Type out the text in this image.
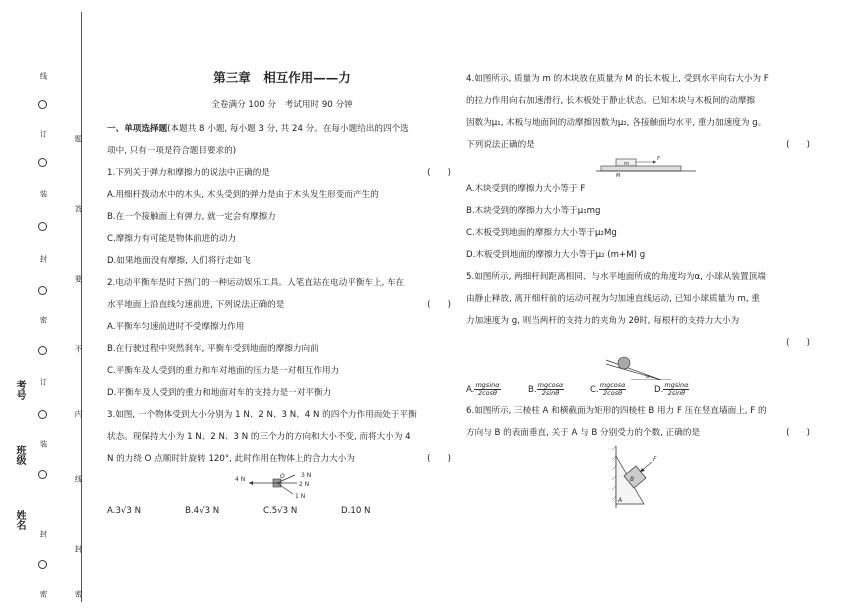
线
订
装
封
密
订
装
封
密
题
答
要
不
内
线
封
密
考号
班级
姓名
第三章　相互作用——力
全卷满分 100 分　考试用时 90 分钟
一、单项选择题(本题共 8 小题, 每小题 3 分, 共 24 分。在每小题给出的四个选
项中, 只有一项是符合题目要求的)
1.下列关于弹力和摩擦力的说法中正确的是	(　　)
A.用细杆拨动水中的木头, 木头受到的弹力是由于木头发生形变而产生的
B.在一个接触面上有弹力, 就一定会有摩擦力
C.摩擦力有可能是物体前进的动力
D.如果地面没有摩擦, 人们将行走如飞
2.电动平衡车是时下热门的一种运动娱乐工具。人笔直站在电动平衡车上, 车在
水平地面上沿直线匀速前进, 下列说法正确的是	(　　)
A.平衡车匀速前进时不受摩擦力作用
B.在行驶过程中突然刹车, 平衡车受到地面的摩擦力向前
C.平衡车及人受到的重力和车对地面的压力是一对相互作用力
D.平衡车及人受到的重力和地面对车的支持力是一对平衡力
3.如图, 一个物体受到大小分别为 1 N、2 N、3 N、4 N 的四个力作用而处于平衡
状态。现保持大小为 1 N、2 N、3 N 的三个力的方向和大小不变, 而将大小为 4
N 的力绕 O 点顺时针旋转 120°, 此时作用在物体上的合力大小为	(　　)
4 N
3 N
2 N
1 N
O
A.3√3 N	B.4√3 N	C.5√3 N	D.10 N
4.如图所示, 质量为 m 的木块放在质量为 M 的长木板上, 受到水平向右大小为 F
的拉力作用向右加速滑行, 长木板处于静止状态。已知木块与木板间的动摩擦
因数为μ₁, 木板与地面间的动摩擦因数为μ₂, 各接触面均水平, 重力加速度为 g。
下列说法正确的是	(　　)
m
M
F
A.木块受到的摩擦力大小等于 F
B.木块受到的摩擦力大小等于μ₁mg
C.木板受到地面的摩擦力大小等于μ₂Mg
D.木板受到地面的摩擦力大小等于μ₂ (m+M) g
5.如图所示, 两细杆间距离相同、与水平地面所成的角度均为α, 小球从装置顶端
由静止释放, 离开细杆前的运动可视为匀加速直线运动, 已知小球质量为 m, 重
力加速度为 g, 则当两杆的支持力的夹角为 2θ时, 每根杆的支持力大小为
(　　)
α
A. $\frac{mgsin\alpha}{2\cos\theta}$	B. $\frac{mgcos\alpha}{2\sin\theta}$	C. $\frac{mgcos\alpha}{2\cos\theta}$	D. $\frac{mgsin\alpha}{2\sin\theta}$
6.如图所示, 三棱柱 A 和横截面为矩形的四棱柱 B 用力 F 压在竖直墙面上, F 的
方向与 B 的表面垂直, 关于 A 与 B 分别受力的个数, 正确的是	(　　)
A
B
F
